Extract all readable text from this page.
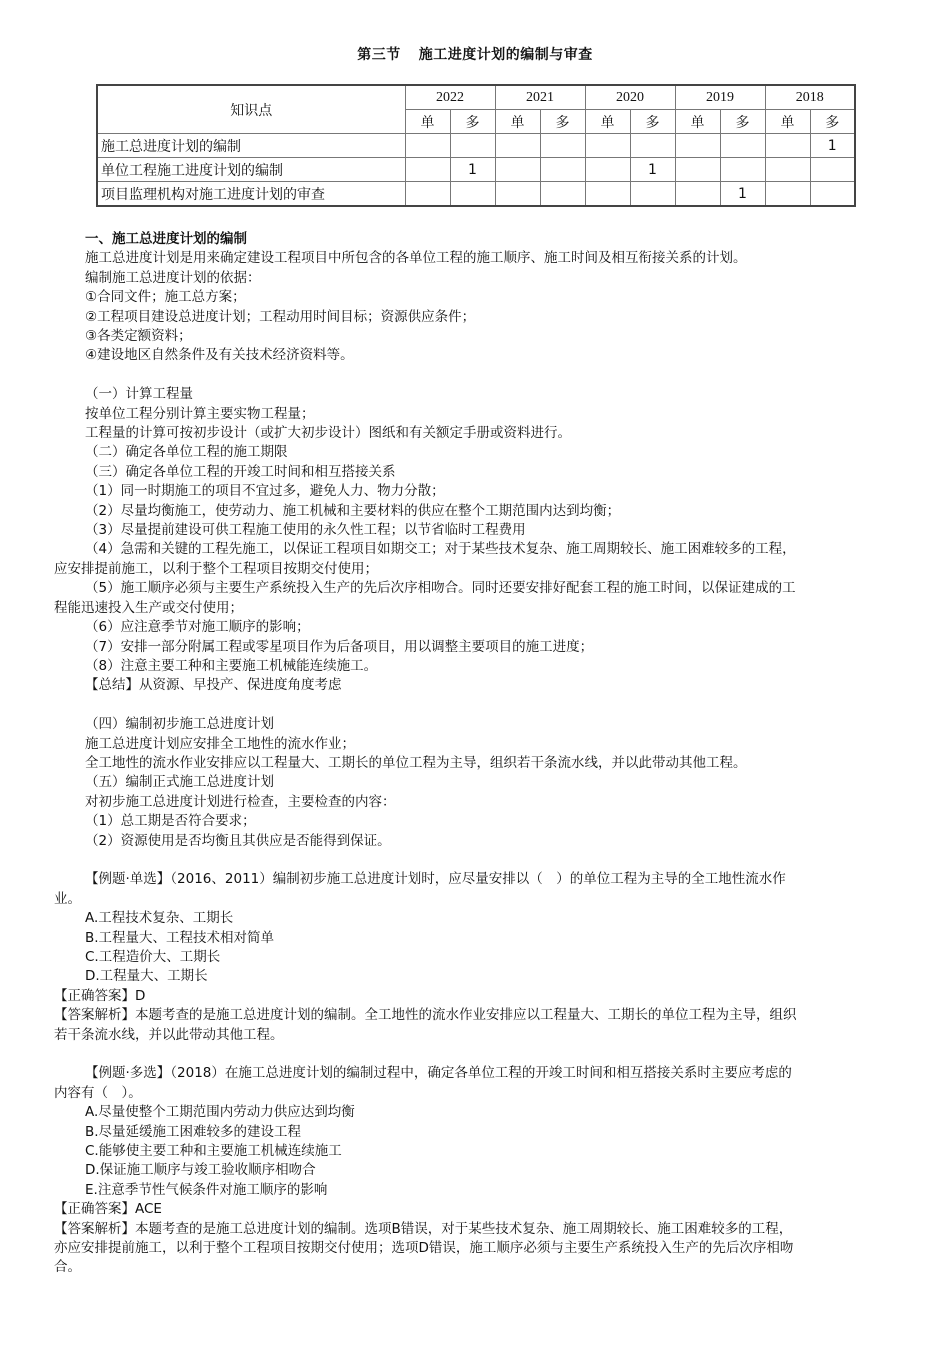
第三节 施工进度计划的编制与审查
知识点	2022		2021		2020		2019		2018	
	单	多	单	多	单	多	单	多	单	多
施工总进度计划的编制										1
单位工程施工进度计划的编制		1				1				
项目监理机构对施工进度计划的审查								1		

一、施工总进度计划的编制

施工总进度计划是用来确定建设工程项目中所包含的各单位工程的施工顺序、施工时间及相互衔接关系的计划。

编制施工总进度计划的依据：

①合同文件；施工总方案；

②工程项目建设总进度计划；工程动用时间目标；资源供应条件；

③各类定额资料；

④建设地区自然条件及有关技术经济资料等。

（一）计算工程量

按单位工程分别计算主要实物工程量；

工程量的计算可按初步设计（或扩大初步设计）图纸和有关额定手册或资料进行。

（二）确定各单位工程的施工期限

（三）确定各单位工程的开竣工时间和相互搭接关系

（1）同一时期施工的项目不宜过多，避免人力、物力分散；

（2）尽量均衡施工，使劳动力、施工机械和主要材料的供应在整个工期范围内达到均衡；

（3）尽量提前建设可供工程施工使用的永久性工程；以节省临时工程费用

（4）急需和关键的工程先施工，以保证工程项目如期交工；对于某些技术复杂、施工周期较长、施工困难较多的工程，

应安排提前施工，以利于整个工程项目按期交付使用；

（5）施工顺序必须与主要生产系统投入生产的先后次序相吻合。同时还要安排好配套工程的施工时间，以保证建成的工

程能迅速投入生产或交付使用；

（6）应注意季节对施工顺序的影响；

（7）安排一部分附属工程或零星项目作为后备项目，用以调整主要项目的施工进度；

（8）注意主要工种和主要施工机械能连续施工。

【总结】从资源、早投产、保进度角度考虑

（四）编制初步施工总进度计划

施工总进度计划应安排全工地性的流水作业；

全工地性的流水作业安排应以工程量大、工期长的单位工程为主导，组织若干条流水线，并以此带动其他工程。

（五）编制正式施工总进度计划

对初步施工总进度计划进行检查，主要检查的内容：

（1）总工期是否符合要求；

（2）资源使用是否均衡且其供应是否能得到保证。

【例题·单选】（2016、2011）编制初步施工总进度计划时，应尽量安排以（　）的单位工程为主导的全工地性流水作

业。

A.工程技术复杂、工期长

B.工程量大、工程技术相对简单

C.工程造价大、工期长

D.工程量大、工期长

【正确答案】D

【答案解析】本题考查的是施工总进度计划的编制。全工地性的流水作业安排应以工程量大、工期长的单位工程为主导，组织

若干条流水线，并以此带动其他工程。

【例题·多选】（2018）在施工总进度计划的编制过程中，确定各单位工程的开竣工时间和相互搭接关系时主要应考虑的

内容有（　）。

A.尽量使整个工期范围内劳动力供应达到均衡

B.尽量延缓施工困难较多的建设工程

C.能够使主要工种和主要施工机械连续施工

D.保证施工顺序与竣工验收顺序相吻合

E.注意季节性气候条件对施工顺序的影响

【正确答案】ACE

【答案解析】本题考查的是施工总进度计划的编制。选项B错误，对于某些技术复杂、施工周期较长、施工困难较多的工程，

亦应安排提前施工，以利于整个工程项目按期交付使用；选项D错误，施工顺序必须与主要生产系统投入生产的先后次序相吻

合。
